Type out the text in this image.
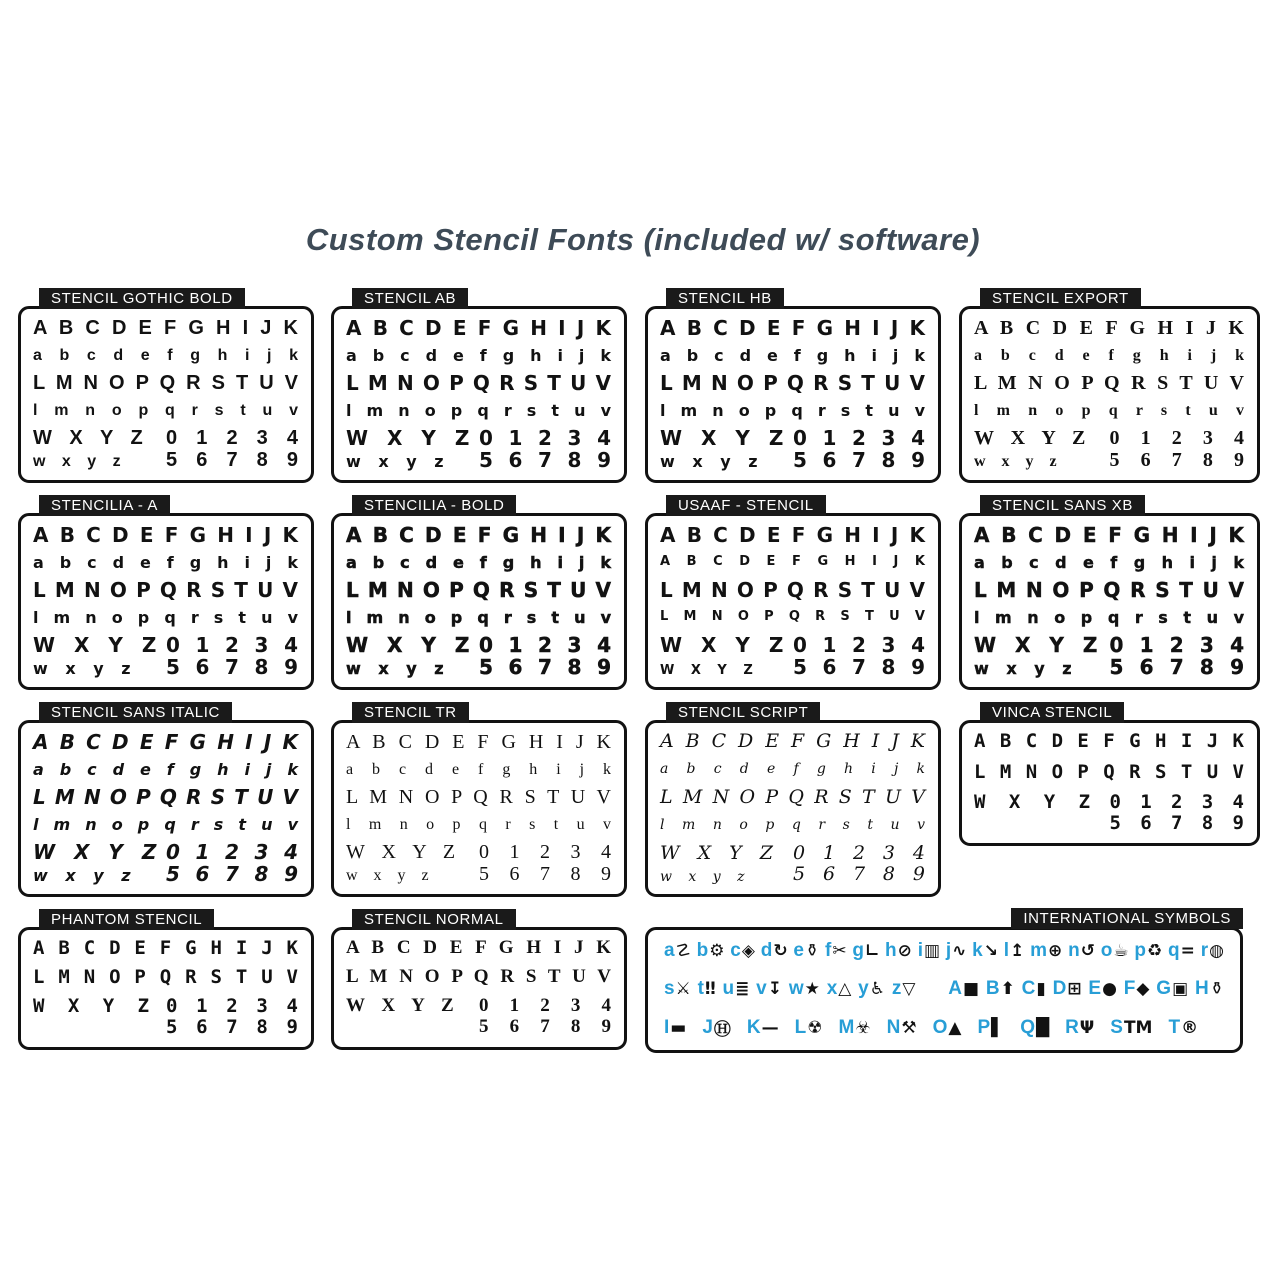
Custom Stencil Fonts (included w/ software)
STENCIL GOTHIC BOLD
A B C D E F G H I J K
a b c d e f g h i j k
L M N O P Q R S T U V
l m n o p q r s t u v
W X Y Z
w x y z
0 1 2 3 4
5 6 7 8 9
STENCIL AB
A B C D E F G H I J K
a b c d e f g h i j k
L M N O P Q R S T U V
l m n o p q r s t u v
W X Y Z
w x y z
0 1 2 3 4
5 6 7 8 9
STENCIL HB
A B C D E F G H I J K
a b c d e f g h i j k
L M N O P Q R S T U V
l m n o p q r s t u v
W X Y Z
w x y z
0 1 2 3 4
5 6 7 8 9
STENCIL EXPORT
A B C D E F G H I J K
a b c d e f g h i j k
L M N O P Q R S T U V
l m n o p q r s t u v
W X Y Z
w x y z
0 1 2 3 4
5 6 7 8 9
STENCILIA - A
A B C D E F G H I J K
a b c d e f g h i j k
L M N O P Q R S T U V
l m n o p q r s t u v
W X Y Z
w x y z
0 1 2 3 4
5 6 7 8 9
STENCILIA - BOLD
A B C D E F G H I J K
a b c d e f g h i j k
L M N O P Q R S T U V
l m n o p q r s t u v
W X Y Z
w x y z
0 1 2 3 4
5 6 7 8 9
USAAF - STENCIL
A B C D E F G H I J K
A B C D E F G H I J K
L M N O P Q R S T U V
L M N O P Q R S T U V
W X Y Z
W X Y Z
0 1 2 3 4
5 6 7 8 9
STENCIL SANS XB
A B C D E F G H I J K
a b c d e f g h i j k
L M N O P Q R S T U V
l m n o p q r s t u v
W X Y Z
w x y z
0 1 2 3 4
5 6 7 8 9
STENCIL SANS ITALIC
A B C D E F G H I J K
a b c d e f g h i j k
L M N O P Q R S T U V
l m n o p q r s t u v
W X Y Z
w x y z
0 1 2 3 4
5 6 7 8 9
STENCIL TR
A B C D E F G H I J K
a b c d e f g h i j k
L M N O P Q R S T U V
l m n o p q r s t u v
W X Y Z
w x y z
0 1 2 3 4
5 6 7 8 9
STENCIL SCRIPT
A B C D E F G H I J K
a b c d e f g h i j k
L M N O P Q R S T U V
l m n o p q r s t u v
W X Y Z
w x y z
0 1 2 3 4
5 6 7 8 9
VINCA STENCIL
A B C D E F G H I J K
L M N O P Q R S T U V
W X Y Z 0 1 2 3 4
5 6 7 8 9
PHANTOM STENCIL
A B C D E F G H I J K
L M N O P Q R S T U V
W X Y Z 0 1 2 3 4
5 6 7 8 9
STENCIL NORMAL
A B C D E F G H I J K
L M N O P Q R S T U V
W X Y Z	0 1 2 3 4
5 6 7 8 9
INTERNATIONAL SYMBOLS
a ☡ b ⚙ c ◈ d ↻ e ⚱ f ✂ g ∟ h ⊘ i ▥ j ∿ k ↘ l ↥ m ⊕ n ↺ o ☕ p ♻ q = r ◍
s ⚔ t ‼ u ≣ v ↧ w ★ x △ y ♿ z ▽ A ■ B ⬆ C ▮ D ⊞ E ● F ◆ G ▣ H ⚱
I ▬ J Ⓗ K — L ☢ M ☣ N ⚒ O ▲ P ▌ Q █ R Ψ S TM T ®
